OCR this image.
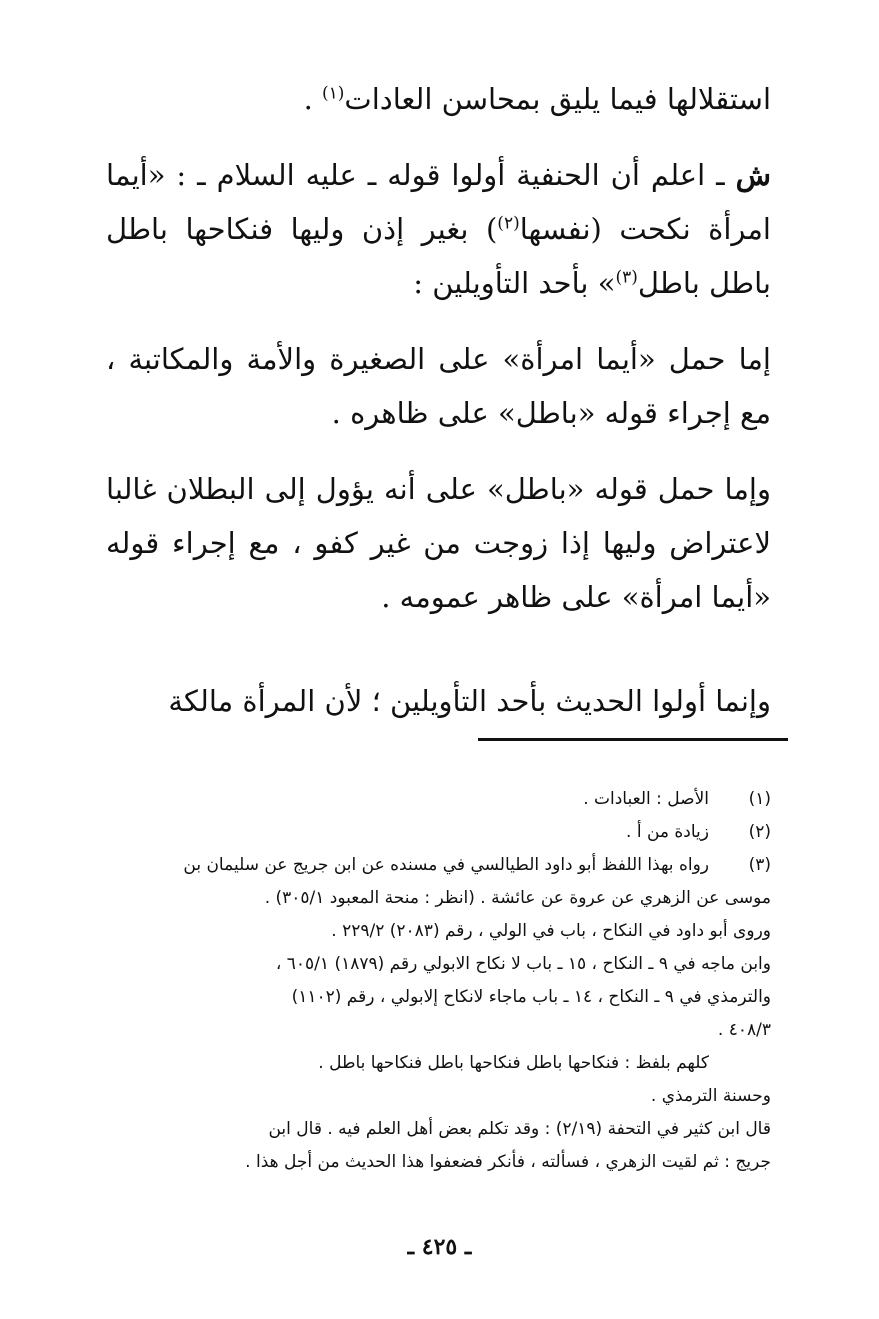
استقلالها فيما يليق بمحاسن العادات$^{(١)}$ .

ش ـ اعلم أن الحنفية أولوا قوله ـ عليه السلام ـ : «أيما امرأة نكحت (نفسها$^{(٢)}$) بغير إذن وليها فنكاحها باطل باطل باطل$^{(٣)}$» بأحد التأويلين :

إما حمل «أيما امرأة» على الصغيرة والأمة والمكاتبة ، مع إجراء قوله «باطل» على ظاهره .

وإما حمل قوله «باطل» على أنه يؤول إلى البطلان غالبا لاعتراض وليها إذا زوجت من غير كفو ، مع إجراء قوله «أيما امرأة» على ظاهر عمومه .

وإنما أولوا الحديث بأحد التأويلين ؛ لأن المرأة مالكة

(١)
الأصل : العبادات .
(٢)
زيادة من أ .
(٣)
رواه بهذا اللفظ أبو داود الطيالسي في مسنده عن ابن جريج عن سليمان بن
موسى عن الزهري عن عروة عن عائشة . (انظر : منحة المعبود ٣٠٥/١) .
وروى أبو داود في النكاح ، باب في الولي ، رقم (٢٠٨٣) ٢٢٩/٢ .
وابن ماجه في ٩ ـ النكاح ، ١٥ ـ باب لا نكاح الابولي رقم (١٨٧٩) ٦٠٥/١ ،
والترمذي في ٩ ـ النكاح ، ١٤ ـ باب ماجاء لانكاح إلابولي ، رقم (١١٠٢)
٤٠٨/٣ .
كلهم بلفظ : فنكاحها باطل فنكاحها باطل فنكاحها باطل .
وحسنة الترمذي .
قال ابن كثير في التحفة (٢/١٩) : وقد تكلم بعض أهل العلم فيه . قال ابن
جريج : ثم لقيت الزهري ، فسألته ، فأنكر فضعفوا هذا الحديث من أجل هذا .
ـ ٤٢٥ ـ
